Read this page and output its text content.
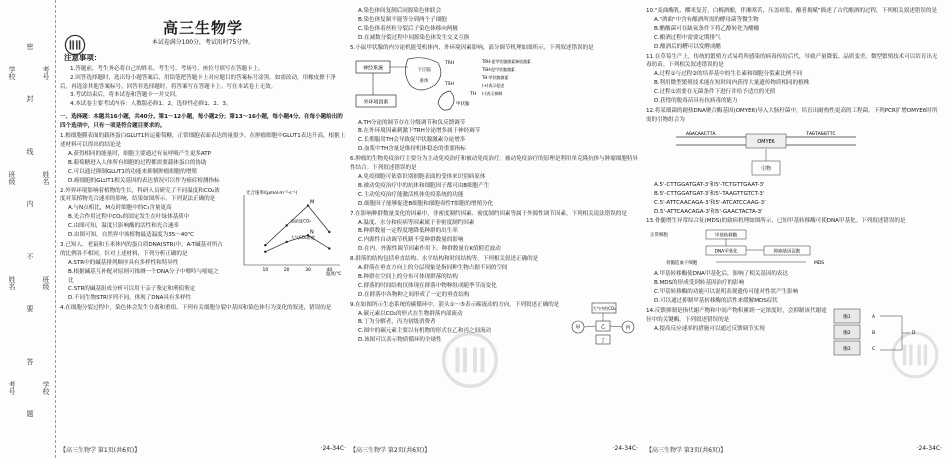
学校
班级
姓名
考号
密
封
线
内
不
要
答
题
考号
姓名
班级
学校
高三生物学
本试卷满分100分，考试用时75分钟。
注意事项：

1.答题前，考生务必将自己的姓名、考生号、考场号、座位号填写在答题卡上。

2.回答选择题时，选出每小题答案后，用铅笔把答题卡上对应题目的答案标号涂黑。如需改动，用橡皮擦干净后，再选涂其他答案标号。回答非选择题时，将答案写在答题卡上。写在本试卷上无效。

3.考试结束后，将本试卷和答题卡一并交回。

4.本试卷主要考试内容：人教版必修1、2，选择性必修1、2、3。

一、选择题：本题共16小题，共40分。第1～12小题，每小题2分；第13～16小题，每小题4分。在每小题给出的四个选项中，只有一项是符合题目要求的。
1.根细胞膜表面的载体蛋白GLUT1转运葡萄糖，正常细胞表面表达的量很少。在肿瘤细胞中GLUT1表达升高，根据上述材料可以得出的结论是
A.获得相同的能量时，细胞主要通过有氧呼吸产生更多ATP
B.葡萄糖进入人体所有细胞的过程都需要载体蛋白的协助
C.可以通过抑制GLUT1的功能来抑制肿瘤细胞的增殖
D.癌细胞的GLUT1相关基因的表达情况可以作为癌症检测指标
光合速率/(μmol·m⁻²·s⁻¹)
温度/℃
10	20	30	40
高浓度CO₂
大气CO₂浓度
M
N
2.外界环境影响着植物的生长，科研人员研究了不同温度和CO₂浓度对某植物光合速率的影响，结果如图所示。下列说法正确的是
A.与N点相比，M点时细胞中的C₃含量更高
B.光合作用过程中CO₂的固定发生在叶绿体基质中
C.由图可知，温度只影响酶的活性和光合速率
D.由图可知，自然界中该植物最适温度为35～40℃
3.已知人、老鼠和玉米体内的蛋白质DNA(STR)中，A-T碱基对所占的比例各不相同。针对上述材料，下列分析正确的是
A.STR中的碱基排列顺序具有多样性和特异性
B.根据碱基互补配对原则可推测一个DNA分子中嘌呤与嘧啶之比
C.STR的碱基组成分析可以用于亲子鉴定和刑侦鉴定
D.不同生物STR序列不同，体现了DNA具有多样性
4.在细胞分裂过程中，染色体会发生分离和重组。下列有关细胞分裂中基因和染色体行为变化的叙述，错误的是
A.染色体间复制后同源染色体联会
B.染色体复制不能等分到两个子细胞
C.染色体着丝粒分裂后子染色体移向两极
D.在减数分裂过程中同源染色体发生交叉互换
5.小鼠甲状腺的内分泌机能受机体内、外环境因素影响，部分调节机理如图所示。下列叙述错误的是
神经系统
外环境因素
下丘脑
垂体
TRH
TSH
甲状腺
TH
TRH:促甲状腺激素释放激素
TSH:促甲状腺激素
TH:甲状腺激素
(+)表示促进
(-)表示抑制
A.TH分泌的调节存在分级调节和负反馈调节
B.在外环境因素刺激下TRH分泌增多属于神经调节
C.长期服用TH会导致促甲状腺激素分泌增多
D.血浆中TH含量是维持机体稳态的重要指标
6.肿瘤的生物免疫治疗主要分为主动免疫治疗和被动免疫治疗。被动免疫治疗的原理是利用单克隆抗体与肿瘤细胞特异性结合。下列叙述错误的是
A.免疫细胞可依靠识别细胞表面的受体来识别病原体
B.被动免疫治疗中的抗体和细胞因子都可由B细胞产生
C.主动免疫治疗能激活机体免疫系统的功能
D.细胞因子能够促进B细胞和细胞毒性T细胞的增殖分化
7.在影响种群数量变化的因素中，非密度制约因素、密度制约因素等属于外源性调节因素。下列相关说法错误的是
A.温度、水分和疾病等因素属于非密度制约因素
B.种群数量一定程度地降低种群的出生率
C.内源性自动调节机制不受种群数量的影响
D.在内、外源性调节因素作用下，种群数量在K值附近波动
8.群落的结构包括垂直结构、水平结构和时间结构等。下列相关叙述正确的是
A.群落在垂直方向上的分层现象是指同种生物占据不同的空间
B.种群在空间上的分布可体现群落的结构
C.群落的时间结构仅体现在群落中物种组成随季节而变化
D.在群落中各物种之间形成了一定的垂直结构
大气中的CO₂
甲	乙	丙
丁
9.在如图所示生态系统的碳循环中，箭头①～⑤表示碳流动的方向。下列叙述正确的是
A.碳元素以CO₂的形式在生物群落内部流动
B.丁为分解者，丙为初级消费者
C.图中的碳元素主要以有机物的形式在乙和丙之间流动
D.该图可以表示物质循环的全球性
10."麦曲酶乳、醪米复芳，白梅酒酿，伴湘寒苦，压盖琼浆，酿者揭赋"描述了古代酿酒的过程。下列相关叙述错误的是
A."酒曲"中含有酿酒所需的酵母菌等微生物
B.醋酸菌可在缺氧条件下将乙醇转化为醋酸
C.酿酒过程中需要定期排气
D.酿酒后的糟可以发酵成醋
11.在草莓生产上，传统的繁殖方式易将所感染的病毒传给后代，导致产量降低、品质变差。微型繁殖技术可以培育出无毒幼苗。下列相关叙述错误的是
A.过程①与过程②的培养基中的生长素和细胞分裂素比例不同
B.利用微型繁殖技术能在短时间内获得大量遗传物质相同的植株
C.过程①需要在无菌条件下进行并给予适宜的光照
D.获得的脱毒苗具有抗病毒的能力
12.将某细菌的耐热DNA聚合酶基因(OMYE6)导入大肠杆菌中，培育出耐热性更高的工程菌。下列PCR扩增OMYE6时所需的引物组合为
AGACAACTTA	TAGTAGGTTC
OMYE6
引物
A.5'-CTTGGATGAT-3'和5'-TCTGTTGAAT-3'
B.5'-CTTGGATGAT-3'和5'-TAAGTTGTCT-3'
C.5'-ATTCAACAGA-3'和5'-ATCATCCAAG-3'
D.5'-ATTCAACAGA-3'和5'-GAACTACTA-3'
13.骨髓增生异常综合征(MDS)的致病机理如图所示，已知甲基转移酶可使DNA甲基化。下列叙述错误的是
甲基转移酶
DNA甲基化	抑癌基因沉默
骨髓造血干细胞	MDS
正常细胞
A.甲基转移酶使DNA甲基化后，影响了相关基因的表达
B.MDS的形成受到转基因治疗的影响
C.甲基转移酶的功能可以说明表观遗传可能对性状产生影响
D.可以通过抑制甲基转移酶的活性来缓解MDS症状
酶1
酶2
酶3
A
B
C
D
14.反馈抑制是指代谢产物和中间产物积累到一定浓度时，会抑制该代谢途径中的关键酶。下列叙述错误的是
A.提高反应速率的措施可以通过反馈调节实现
【高三生物学 第1页(共6页)】	·24-34C· 【高三生物学 第2页(共6页)】	·24-34C· 【高三生物学 第3页(共6页)】	·24-34C·
